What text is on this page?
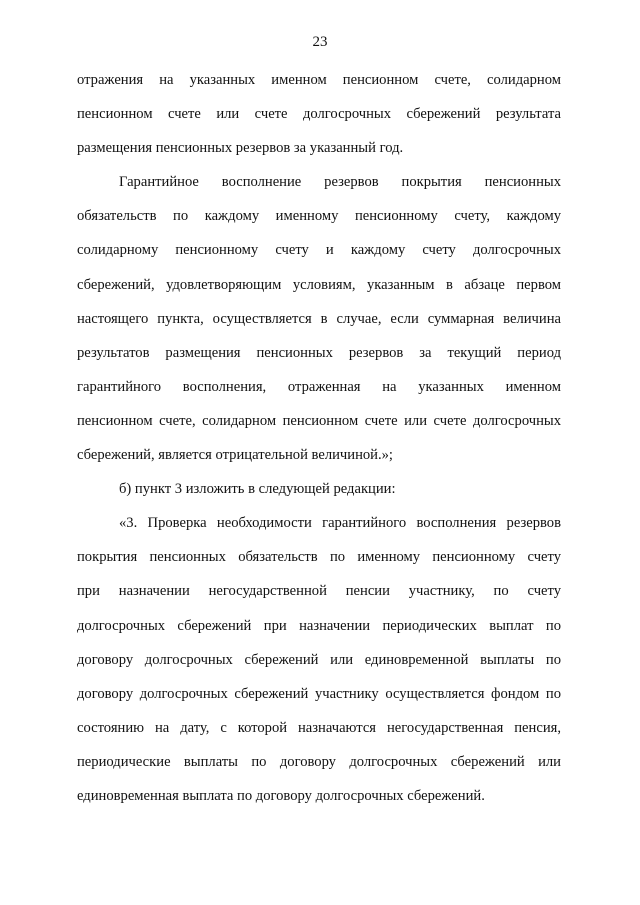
23
отражения на указанных именном пенсионном счете, солидарном
пенсионном счете или счете долгосрочных сбережений результата
размещения пенсионных резервов за указанный год.
Гарантийное восполнение резервов покрытия пенсионных
обязательств по каждому именному пенсионному счету, каждому
солидарному пенсионному счету и каждому счету долгосрочных
сбережений, удовлетворяющим условиям, указанным в абзаце первом
настоящего пункта, осуществляется в случае, если суммарная величина
результатов размещения пенсионных резервов за текущий период
гарантийного восполнения, отраженная на указанных именном
пенсионном счете, солидарном пенсионном счете или счете долгосрочных
сбережений, является отрицательной величиной.»;
б) пункт 3 изложить в следующей редакции:
«3. Проверка необходимости гарантийного восполнения резервов
покрытия пенсионных обязательств по именному пенсионному счету
при назначении негосударственной пенсии участнику, по счету
долгосрочных сбережений при назначении периодических выплат по
договору долгосрочных сбережений или единовременной выплаты по
договору долгосрочных сбережений участнику осуществляется фондом по
состоянию на дату, с которой назначаются негосударственная пенсия,
периодические выплаты по договору долгосрочных сбережений или
единовременная выплата по договору долгосрочных сбережений.
